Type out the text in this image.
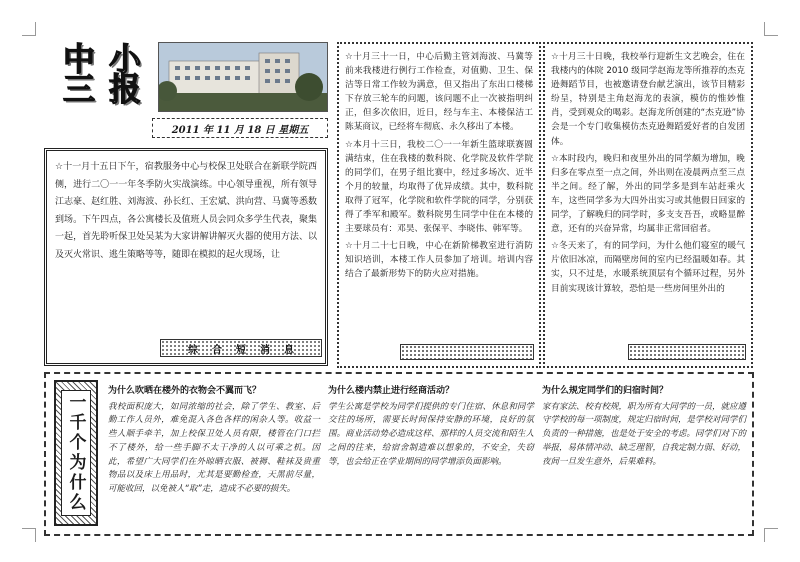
小报中三
2011 年 11 月 18 日 星期五

☆十一月十五日下午，宿教服务中心与校保卫处联合在新联学院西侧，进行二〇一一年冬季防火实战演练。中心领导重视，所有领导江志豪、赵红胜、刘海波、孙长红、王宏斌、洪向营、马冀等悉数到场。下午四点，各公寓楼长及值班人员会同众多学生代表，聚集一起，首先聆听保卫处吴某为大家讲解讲解灭火器的使用方法、以及灭火常识、逃生策略等等，随即在模拟的起火现场，让

综 合 短 消 息

☆十月三十一日，中心后勤主管刘海波、马冀等前来我楼进行例行工作检查，对值勤、卫生、保洁等日常工作较为满意，但又指出了东出口楼梯下存放三轮车的问题，该问题不止一次被指明纠正，但多次依旧，近日，经与车主、本楼保洁工陈某商议，已经将车彻底、永久移出了本楼。

☆本月十三日，我校二〇一一年新生篮球联赛圆满结束，住在我楼的数科院、化学院及软件学院的同学们，在男子组比赛中，经过多场次、近半个月的较量，均取得了优异成绩。其中，数科院取得了冠军，化学院和软件学院的同学，分别获得了季军和殿军。数科院男生同学中住在本楼的主要球员有：邓昊、张保平、李晓伟、韩军等。

☆十月二十七日晚，中心在新阶梯教室进行消防知识培训，本楼工作人员参加了培训。培训内容结合了最新形势下的防火应对措施。

☆十月三十日晚，我校举行迎新生文艺晚会，住在我楼内的体院 2010 级同学赵海龙等所推荐的杰克逊舞蹈节目，也被邀请登台献艺演出，该节目精彩纷呈，特别是主角赵海龙的表演，模仿的惟妙惟肖，受到观众的喝彩。赵海龙所创建的“杰克逊”协会是一个专门收集模仿杰克逊舞蹈爱好者的自发团体。

☆本时段内，晚归和夜里外出的同学颇为增加，晚归多在零点至一点之间，外出则在凌晨两点至三点半之间。经了解，外出的同学多是到车站赶乘火车，这些同学多为大四外出实习或其他假日回家的同学，了解晚归的同学时，多支支吾吾，或略显醉意，还有的兴奋异常，均属非正常回宿者。

☆冬天来了，有的同学问，为什么他们寝室的暖气片依旧冰凉，而隔壁房间的室内已经温暖如春。其实，只不过是，水暖系统顶层有个循环过程，另外目前实现该计算较，恐怕是一些房间里外出的

一千个为什么
为什么吹晒在楼外的衣物会不翼而飞？
我校面积庞大，如同浓缩的社会，除了学生、教室、后勤工作人员外，难免混入各色各样的闲杂人等。收益一些人顺手牵羊，加上校保卫处人员有限，楼管在门口拦不了楼外，给一些手脚不太干净的人以可乘之机。因此，希望广大同学们在外晾晒衣服、被褥、鞋袜及贵重物品以及床上用品时，尤其是要勤检查，天黑前尽量，可能收回，以免被人“取”走，造成不必要的损失。
为什么楼内禁止进行经商活动？
学生公寓是学校为同学们提供的专门住宿、休息和同学交往的场所，需要长时间保持安静的环境，良好的氛围。商业活动势必造成这样、那样的人员交流和陌生人之间的往来，给宿舍制造难以想象的，不安全，失窃等，也会给正在学业期间的同学增添负面影响。
为什么规定同学们的归宿时间？
家有家法、校有校规，职为所有大同学的一员，就应遵守学校的每一项制度，规定归宿时间，是学校对同学们负责的一种措施，也是处于安全的考虑。同学们对下的举报，易体情冲动、缺乏理智，自我定制力弱、好动，夜间一旦发生意外，后果难料。
